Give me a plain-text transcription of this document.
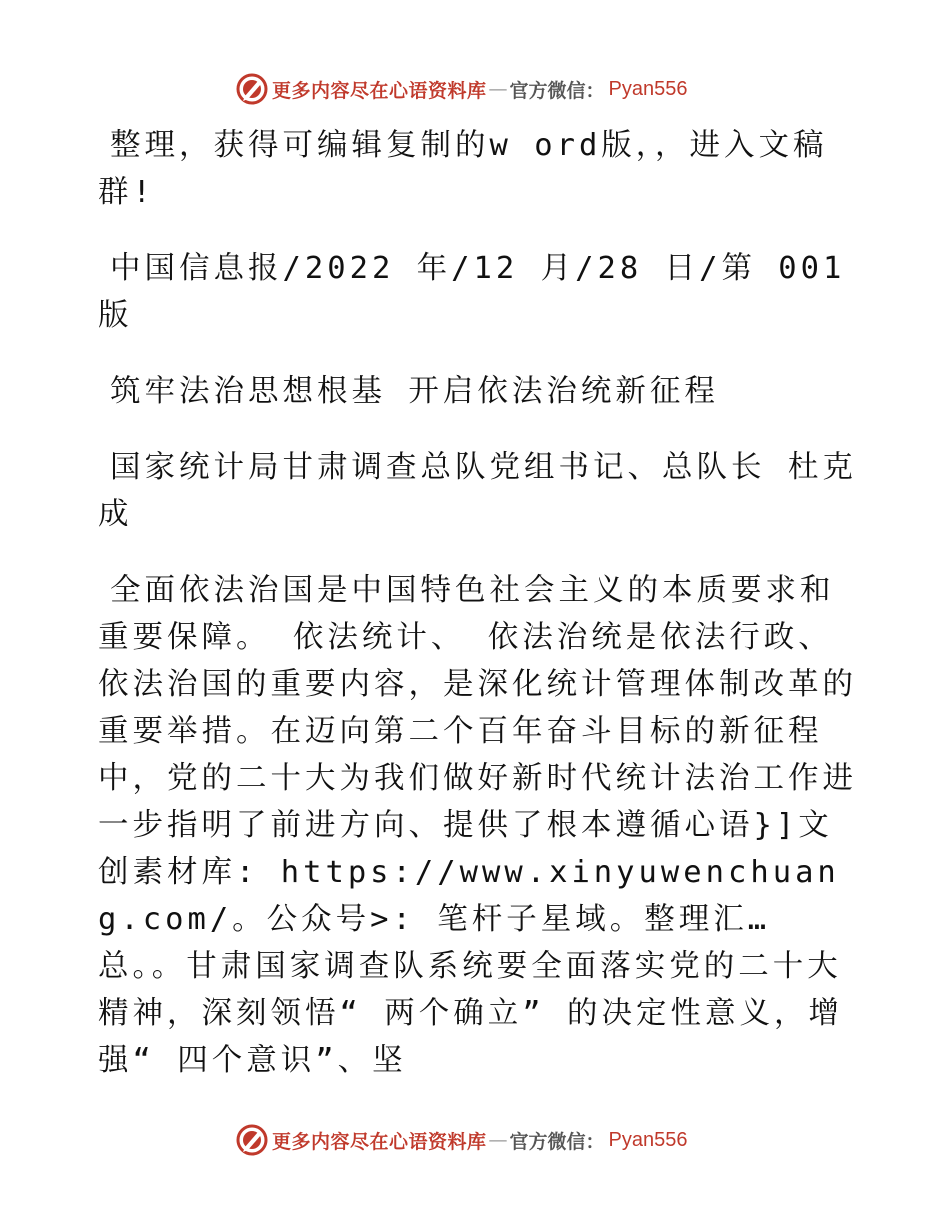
更多内容尽在心语资料库 — 官方微信： Pyan556

整理，获得可编辑复制的w ord版，，进入文稿群!

中国信息报/2022 年/12 月/28 日/第 001 版

筑牢法治思想根基 开启依法治统新征程

国家统计局甘肃调查总队党组书记、总队长 杜克成

全面依法治国是中国特色社会主义的本质要求和重要保障。 依法统计、 依法治统是依法行政、依法治国的重要内容，是深化统计管理体制改革的重要举措。在迈向第二个百年奋斗目标的新征程中，党的二十大为我们做好新时代统计法治工作进一步指明了前进方向、提供了根本遵循心语}]文创素材库: https://www.xinyuwenchuang.com/。公众号>: 笔杆子星域。整理汇…总。。甘肃国家调查队系统要全面落实党的二十大精神，深刻领悟“ 两个确立” 的决定性意义，增强“ 四个意识”、坚

更多内容尽在心语资料库 — 官方微信： Pyan556
